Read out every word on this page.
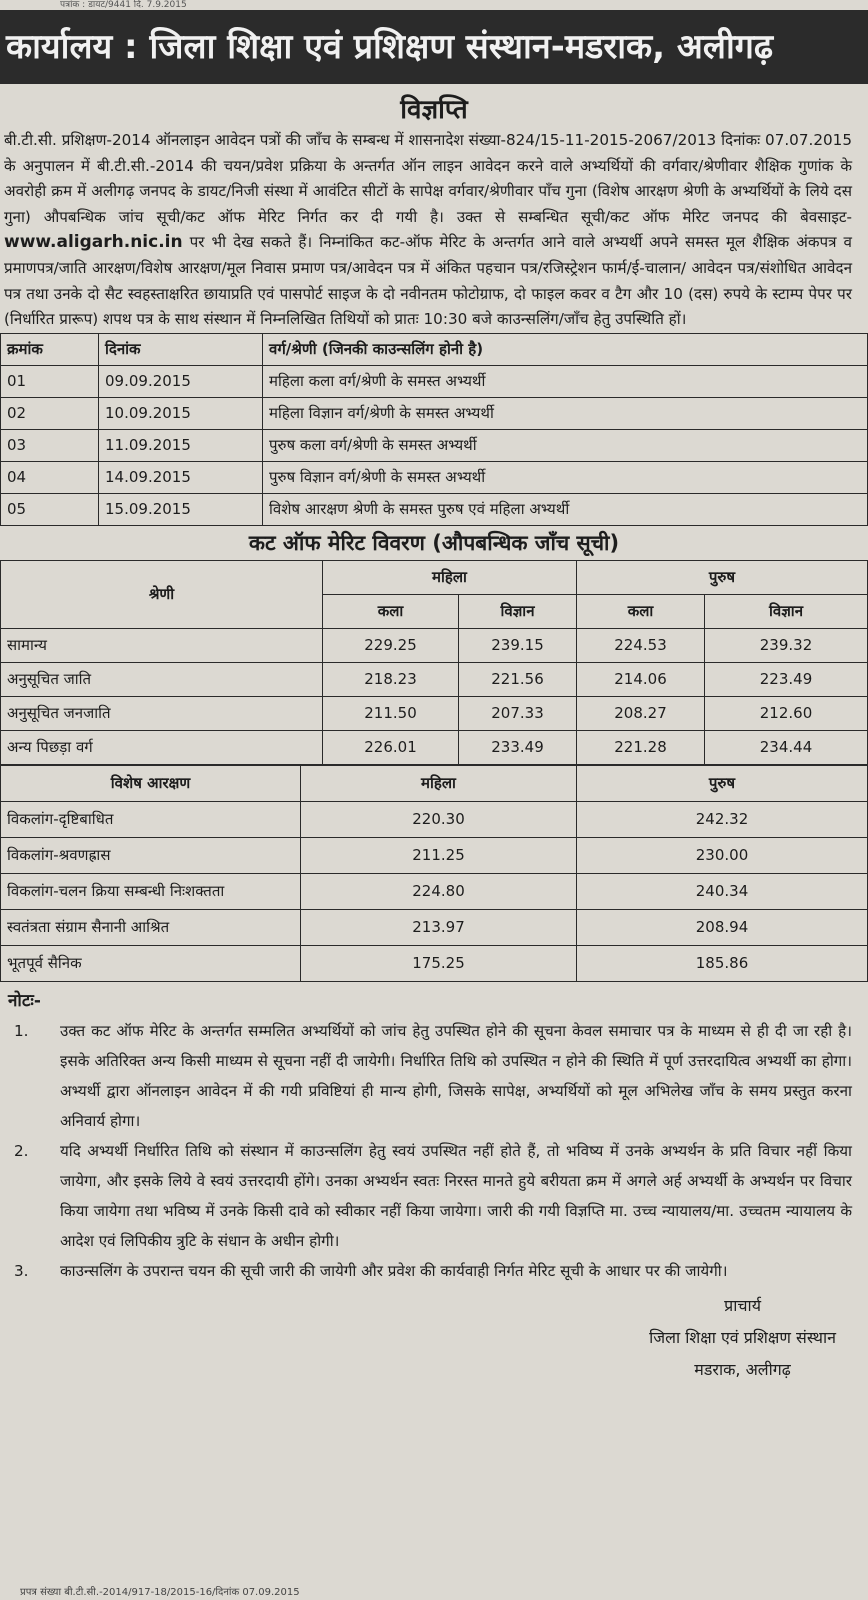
पत्रांक : डायट/9441 दि. 7.9.2015
कार्यालय : जिला शिक्षा एवं प्रशिक्षण संस्थान-मडराक, अलीगढ़
विज्ञप्ति
बी.टी.सी. प्रशिक्षण-2014 ऑनलाइन आवेदन पत्रों की जाँच के सम्बन्ध में शासनादेश संख्या-824/15-11-2015-2067/2013 दिनांकः 07.07.2015 के अनुपालन में बी.टी.सी.-2014 की चयन/प्रवेश प्रक्रिया के अन्तर्गत ऑन लाइन आवेदन करने वाले अभ्यर्थियों की वर्गवार/श्रेणीवार शैक्षिक गुणांक के अवरोही क्रम में अलीगढ़ जनपद के डायट/निजी संस्था में आवंटित सीटों के सापेक्ष वर्गवार/श्रेणीवार पाँच गुना (विशेष आरक्षण श्रेणी के अभ्यर्थियों के लिये दस गुना) औपबन्धिक जांच सूची/कट ऑफ मेरिट निर्गत कर दी गयी है। उक्त से सम्बन्धित सूची/कट ऑफ मेरिट जनपद की बेवसाइट-www.aligarh.nic.in पर भी देख सकते हैं। निम्नांकित कट-ऑफ मेरिट के अन्तर्गत आने वाले अभ्यर्थी अपने समस्त मूल शैक्षिक अंकपत्र व प्रमाणपत्र/जाति आरक्षण/विशेष आरक्षण/मूल निवास प्रमाण पत्र/आवेदन पत्र में अंकित पहचान पत्र/रजिस्ट्रेशन फार्म/ई-चालान/ आवेदन पत्र/संशोधित आवेदन पत्र तथा उनके दो सैट स्वहस्ताक्षरित छायाप्रति एवं पासपोर्ट साइज के दो नवीनतम फोटोग्राफ, दो फाइल कवर व टैग और 10 (दस) रुपये के स्टाम्प पेपर पर (निर्धारित प्रारूप) शपथ पत्र के साथ संस्थान में निम्नलिखित तिथियों को प्रातः 10:30 बजे काउन्सलिंग/जाँच हेतु उपस्थिति हों।
क्रमांक	दिनांक	वर्ग/श्रेणी (जिनकी काउन्सलिंग होनी है)
01	09.09.2015	महिला कला वर्ग/श्रेणी के समस्त अभ्यर्थी
02	10.09.2015	महिला विज्ञान वर्ग/श्रेणी के समस्त अभ्यर्थी
03	11.09.2015	पुरुष कला वर्ग/श्रेणी के समस्त अभ्यर्थी
04	14.09.2015	पुरुष विज्ञान वर्ग/श्रेणी के समस्त अभ्यर्थी
05	15.09.2015	विशेष आरक्षण श्रेणी के समस्त पुरुष एवं महिला अभ्यर्थी
कट ऑफ मेरिट विवरण (औपबन्धिक जाँच सूची)
श्रेणी	महिला		पुरुष	
	कला	विज्ञान	कला	विज्ञान
सामान्य	229.25	239.15	224.53	239.32
अनुसूचित जाति	218.23	221.56	214.06	223.49
अनुसूचित जनजाति	211.50	207.33	208.27	212.60
अन्य पिछड़ा वर्ग	226.01	233.49	221.28	234.44
विशेष आरक्षण	महिला	पुरुष
विकलांग-दृष्टिबाधित	220.30	242.32
विकलांग-श्रवणह्रास	211.25	230.00
विकलांग-चलन क्रिया सम्बन्धी निःशक्तता	224.80	240.34
स्वतंत्रता संग्राम सैनानी आश्रित	213.97	208.94
भूतपूर्व सैनिक	175.25	185.86
नोटः-
1.	उक्त कट ऑफ मेरिट के अन्तर्गत सम्मलित अभ्यर्थियों को जांच हेतु उपस्थित होने की सूचना केवल समाचार पत्र के माध्यम से ही दी जा रही है। इसके अतिरिक्त अन्य किसी माध्यम से सूचना नहीं दी जायेगी। निर्धारित तिथि को उपस्थित न होने की स्थिति में पूर्ण उत्तरदायित्व अभ्यर्थी का होगा। अभ्यर्थी द्वारा ऑनलाइन आवेदन में की गयी प्रविष्टियां ही मान्य होगी, जिसके सापेक्ष, अभ्यर्थियों को मूल अभिलेख जाँच के समय प्रस्तुत करना अनिवार्य होगा।
2.	यदि अभ्यर्थी निर्धारित तिथि को संस्थान में काउन्सलिंग हेतु स्वयं उपस्थित नहीं होते हैं, तो भविष्य में उनके अभ्यर्थन के प्रति विचार नहीं किया जायेगा, और इसके लिये वे स्वयं उत्तरदायी होंगे। उनका अभ्यर्थन स्वतः निरस्त मानते हुये बरीयता क्रम में अगले अर्ह अभ्यर्थी के अभ्यर्थन पर विचार किया जायेगा तथा भविष्य में उनके किसी दावे को स्वीकार नहीं किया जायेगा। जारी की गयी विज्ञप्ति मा. उच्च न्यायालय/मा. उच्चतम न्यायालय के आदेश एवं लिपिकीय त्रुटि के संधान के अधीन होगी।
3.	काउन्सलिंग के उपरान्त चयन की सूची जारी की जायेगी और प्रवेश की कार्यवाही निर्गत मेरिट सूची के आधार पर की जायेगी।
प्राचार्य
जिला शिक्षा एवं प्रशिक्षण संस्थान
मडराक, अलीगढ़
प्रपत्र संख्या बी.टी.सी.-2014/917-18/2015-16/दिनांक 07.09.2015
